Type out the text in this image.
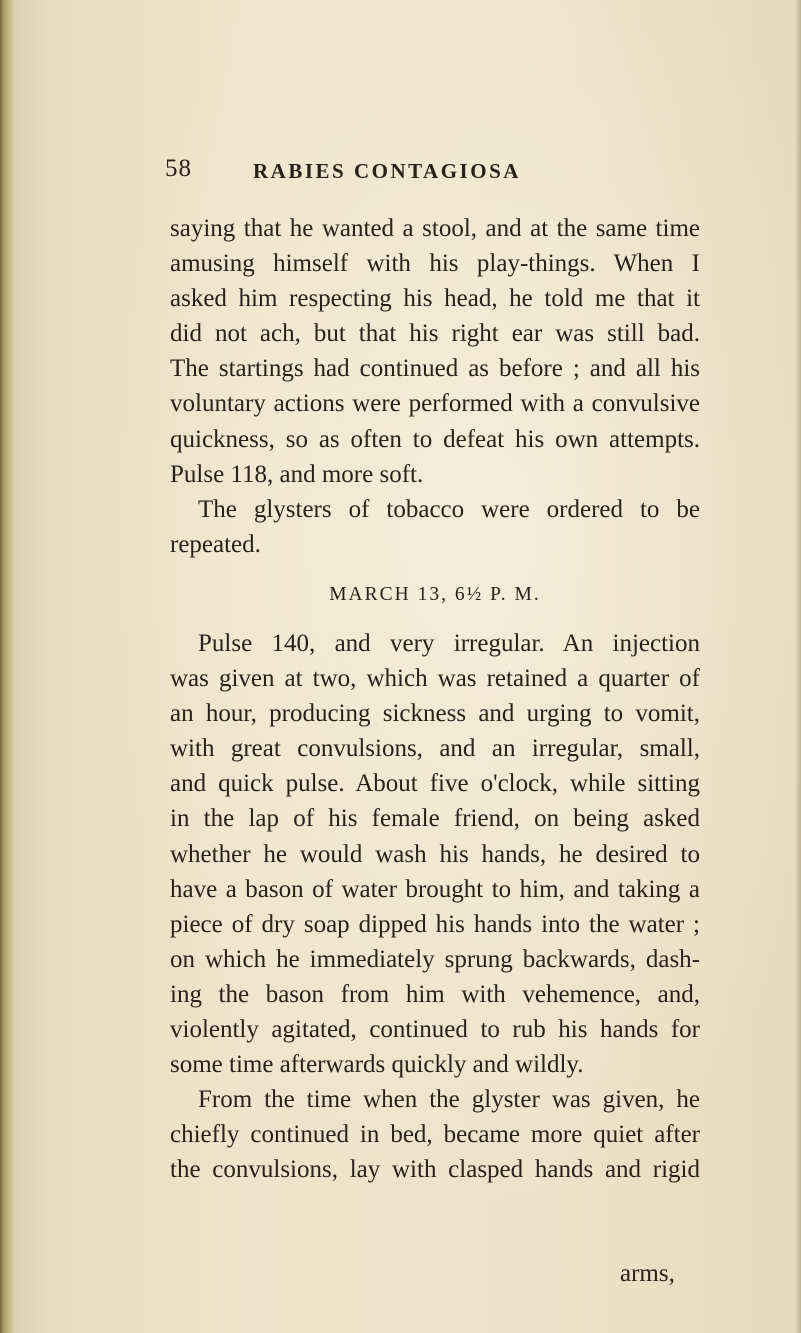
58	RABIES CONTAGIOSA

saying that he wanted a stool, and at the same time

amusing himself with his play-things. When I

asked him respecting his head, he told me that it

did not ach, but that his right ear was still bad.

The startings had continued as before ; and all his

voluntary actions were performed with a convulsive

quickness, so as often to defeat his own attempts.

Pulse 118, and more soft.

The glysters of tobacco were ordered to be

repeated.

MARCH 13, 6½ P. M.

Pulse 140, and very irregular. An injection

was given at two, which was retained a quarter of

an hour, producing sickness and urging to vomit,

with great convulsions, and an irregular, small,

and quick pulse. About five o'clock, while sitting

in the lap of his female friend, on being asked

whether he would wash his hands, he desired to

have a bason of water brought to him, and taking a

piece of dry soap dipped his hands into the water ;

on which he immediately sprung backwards, dash-

ing the bason from him with vehemence, and,

violently agitated, continued to rub his hands for

some time afterwards quickly and wildly.

From the time when the glyster was given, he

chiefly continued in bed, became more quiet after

the convulsions, lay with clasped hands and rigid

arms,
